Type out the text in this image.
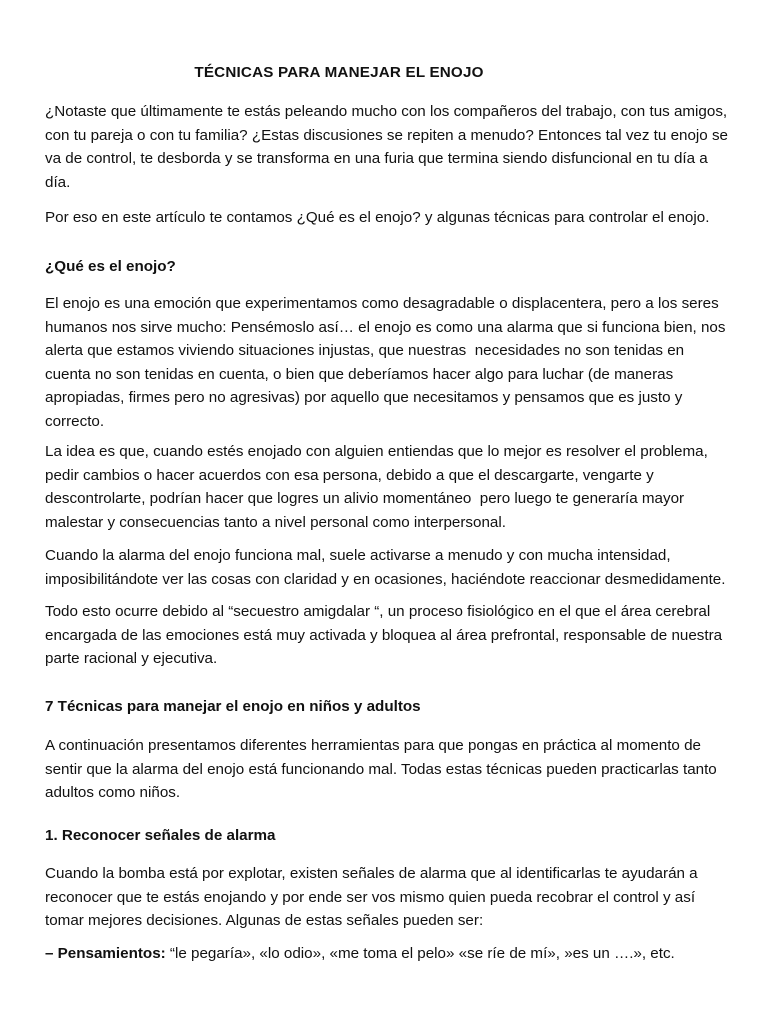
TÉCNICAS PARA MANEJAR EL ENOJO

¿Notaste que últimamente te estás peleando mucho con los compañeros del trabajo, con tus amigos,
con tu pareja o con tu familia? ¿Estas discusiones se repiten a menudo? Entonces tal vez tu enojo se
va de control, te desborda y se transforma en una furia que termina siendo disfuncional en tu día a
día.

Por eso en este artículo te contamos ¿Qué es el enojo? y algunas técnicas para controlar el enojo.

¿Qué es el enojo?

El enojo es una emoción que experimentamos como desagradable o displacentera, pero a los seres
humanos nos sirve mucho: Pensémoslo así… el enojo es como una alarma que si funciona bien, nos
alerta que estamos viviendo situaciones injustas, que nuestras  necesidades no son tenidas en
cuenta no son tenidas en cuenta, o bien que deberíamos hacer algo para luchar (de maneras
apropiadas, firmes pero no agresivas) por aquello que necesitamos y pensamos que es justo y
correcto.

La idea es que, cuando estés enojado con alguien entiendas que lo mejor es resolver el problema,
pedir cambios o hacer acuerdos con esa persona, debido a que el descargarte, vengarte y
descontrolarte, podrían hacer que logres un alivio momentáneo  pero luego te generaría mayor
malestar y consecuencias tanto a nivel personal como interpersonal.

Cuando la alarma del enojo funciona mal, suele activarse a menudo y con mucha intensidad,
imposibilitándote ver las cosas con claridad y en ocasiones, haciéndote reaccionar desmedidamente.

Todo esto ocurre debido al “secuestro amigdalar “, un proceso fisiológico en el que el área cerebral
encargada de las emociones está muy activada y bloquea al área prefrontal, responsable de nuestra
parte racional y ejecutiva.

7 Técnicas para manejar el enojo en niños y adultos

A continuación presentamos diferentes herramientas para que pongas en práctica al momento de
sentir que la alarma del enojo está funcionando mal. Todas estas técnicas pueden practicarlas tanto
adultos como niños.

1. Reconocer señales de alarma

Cuando la bomba está por explotar, existen señales de alarma que al identificarlas te ayudarán a
reconocer que te estás enojando y por ende ser vos mismo quien pueda recobrar el control y así
tomar mejores decisiones. Algunas de estas señales pueden ser:

– Pensamientos: “le pegaría», «lo odio», «me toma el pelo» «se ríe de mí», »es un ….», etc.
